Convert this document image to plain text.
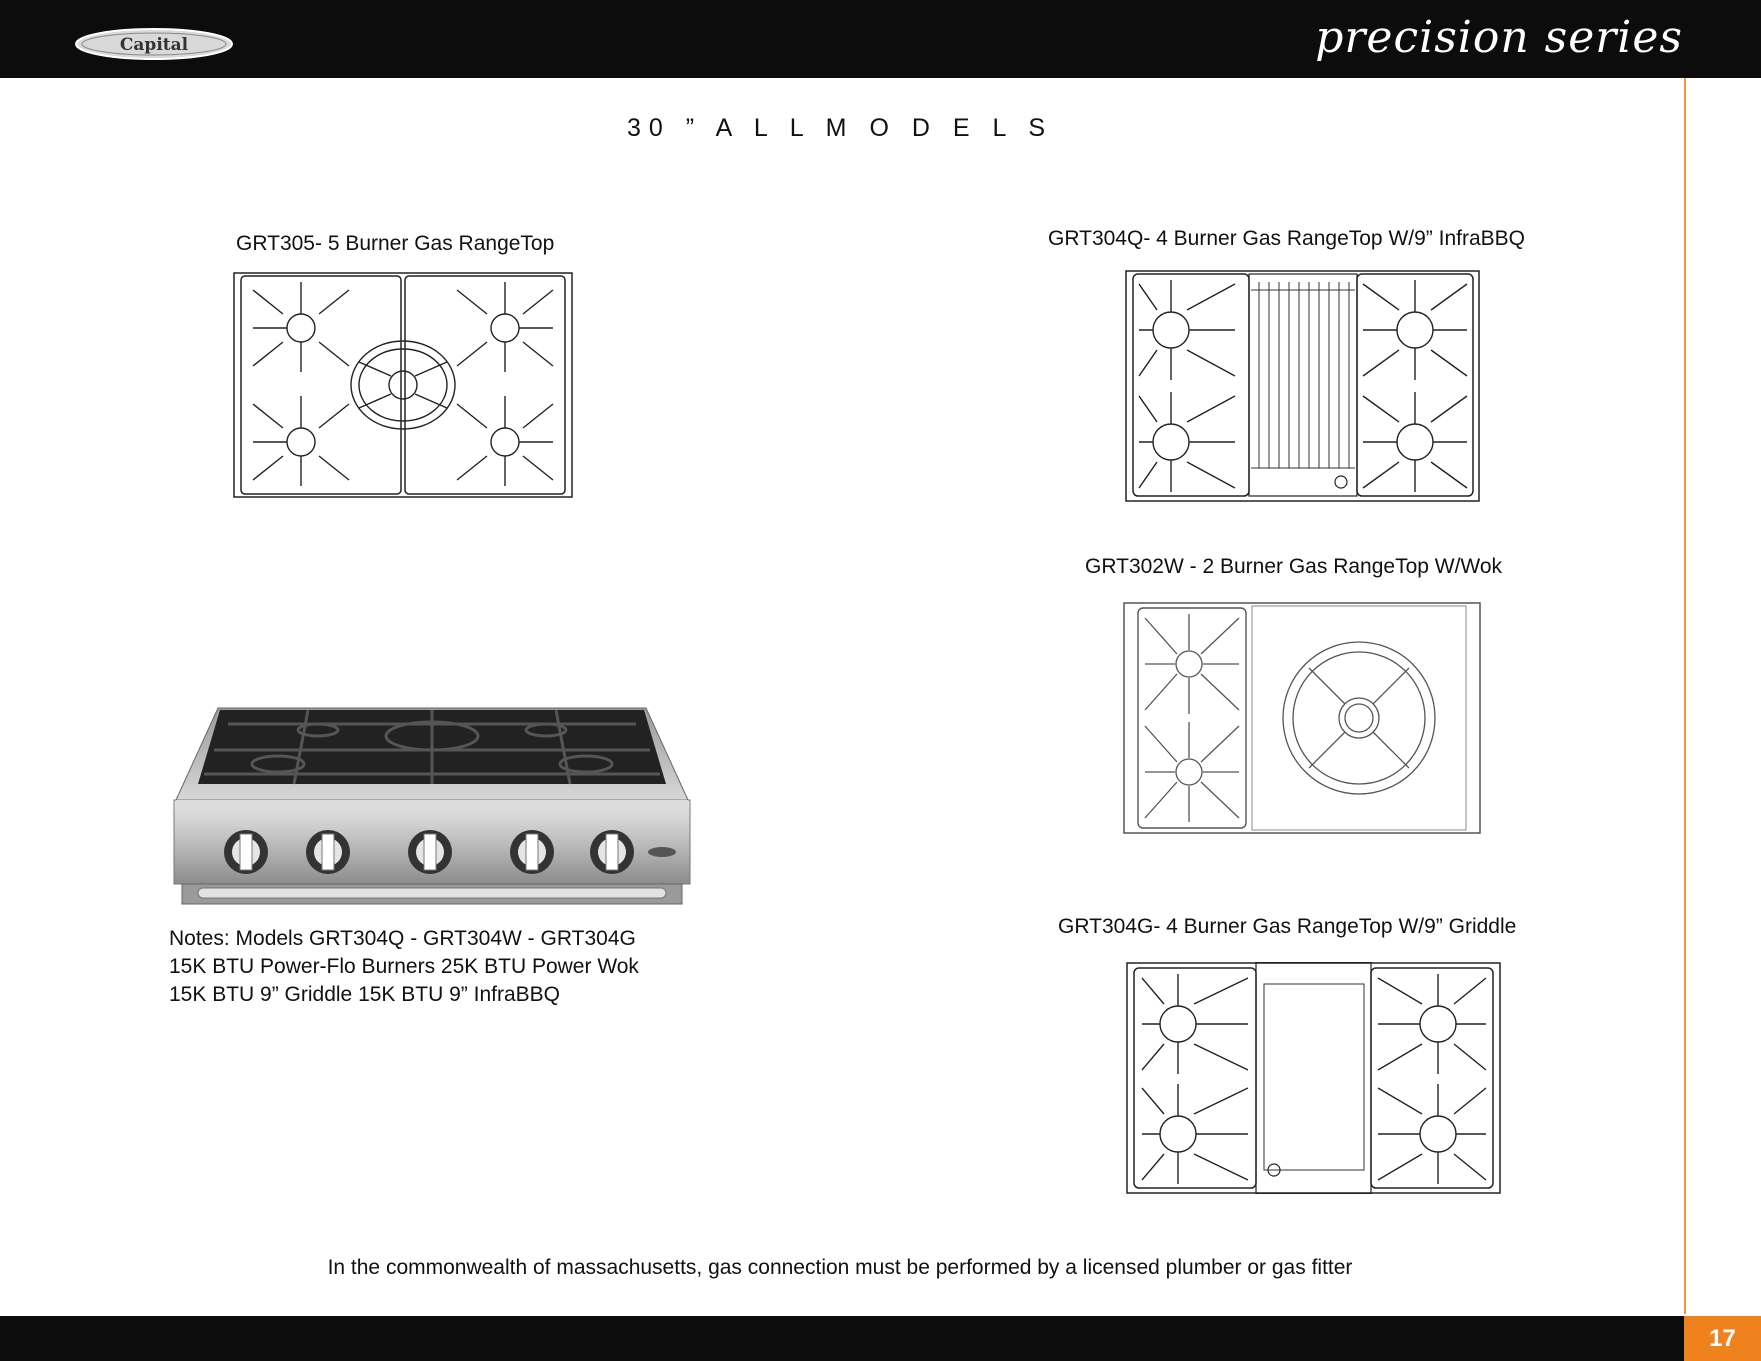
Capital	precision series
30 ” A L L M O D E L S
GRT305- 5 Burner Gas RangeTop	GRT304Q- 4 Burner Gas RangeTop W/9” InfraBBQ
GRT302W - 2 Burner Gas RangeTop W/Wok
GRT304G- 4 Burner Gas RangeTop W/9” Griddle
Notes: Models GRT304Q - GRT304W - GRT304G
15K BTU Power-Flo Burners 25K BTU Power Wok
15K BTU 9” Griddle 15K BTU 9” InfraBBQ
In the commonwealth of massachusetts, gas connection must be performed by a licensed plumber or gas fitter
17
